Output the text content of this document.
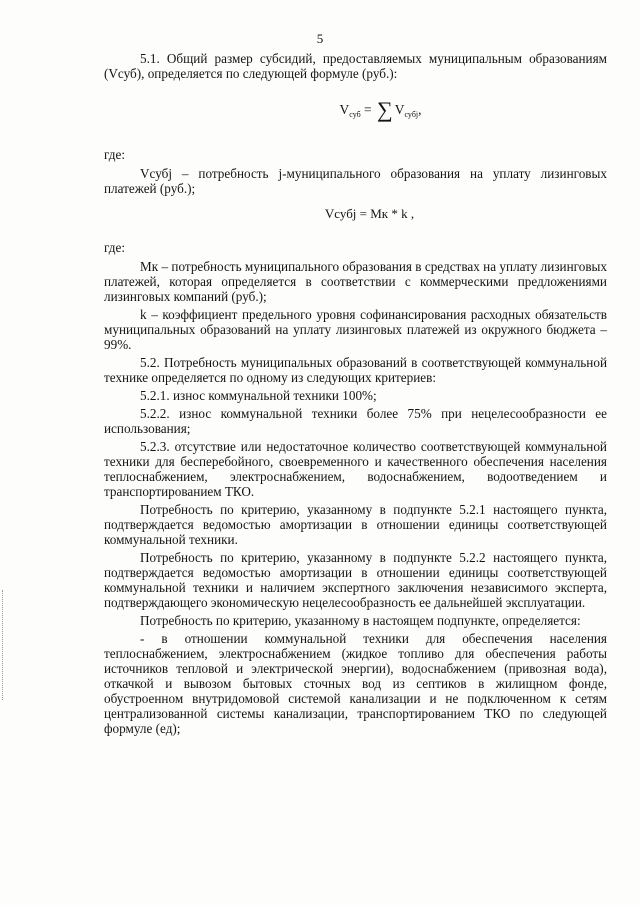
5

5.1. Общий размер субсидий, предоставляемых муниципальным образованиям (Vсуб), определяется по следующей формуле (руб.):

$V_{суб}$ = ∑ $V_{субj}$,
где:

Vсубj – потребность j-муниципального образования на уплату лизинговых платежей (руб.);

Vсубj = Мк * k ,
где:

Мк – потребность муниципального образования в средствах на уплату лизинговых платежей, которая определяется в соответствии с коммерческими предложениями лизинговых компаний (руб.);

k – коэффициент предельного уровня софинансирования расходных обязательств муниципальных образований на уплату лизинговых платежей из окружного бюджета – 99%.

5.2. Потребность муниципальных образований в соответствующей коммунальной технике определяется по одному из следующих критериев:

5.2.1. износ коммунальной техники 100%;

5.2.2. износ коммунальной техники более 75% при нецелесообразности ее использования;

5.2.3. отсутствие или недостаточное количество соответствующей коммунальной техники для бесперебойного, своевременного и качественного обеспечения населения теплоснабжением, электроснабжением, водоснабжением, водоотведением и транспортированием ТКО.

Потребность по критерию, указанному в подпункте 5.2.1 настоящего пункта, подтверждается ведомостью амортизации в отношении единицы соответствующей коммунальной техники.

Потребность по критерию, указанному в подпункте 5.2.2 настоящего пункта, подтверждается ведомостью амортизации в отношении единицы соответствующей коммунальной техники и наличием экспертного заключения независимого эксперта, подтверждающего экономическую нецелесообразность ее дальнейшей эксплуатации.

Потребность по критерию, указанному в настоящем подпункте, определяется:

- в отношении коммунальной техники для обеспечения населения теплоснабжением, электроснабжением (жидкое топливо для обеспечения работы источников тепловой и электрической энергии), водоснабжением (привозная вода), откачкой и вывозом бытовых сточных вод из септиков в жилищном фонде, обустроенном внутридомовой системой канализации и не подключенном к сетям централизованной системы канализации, транспортированием ТКО по следующей формуле (ед);
